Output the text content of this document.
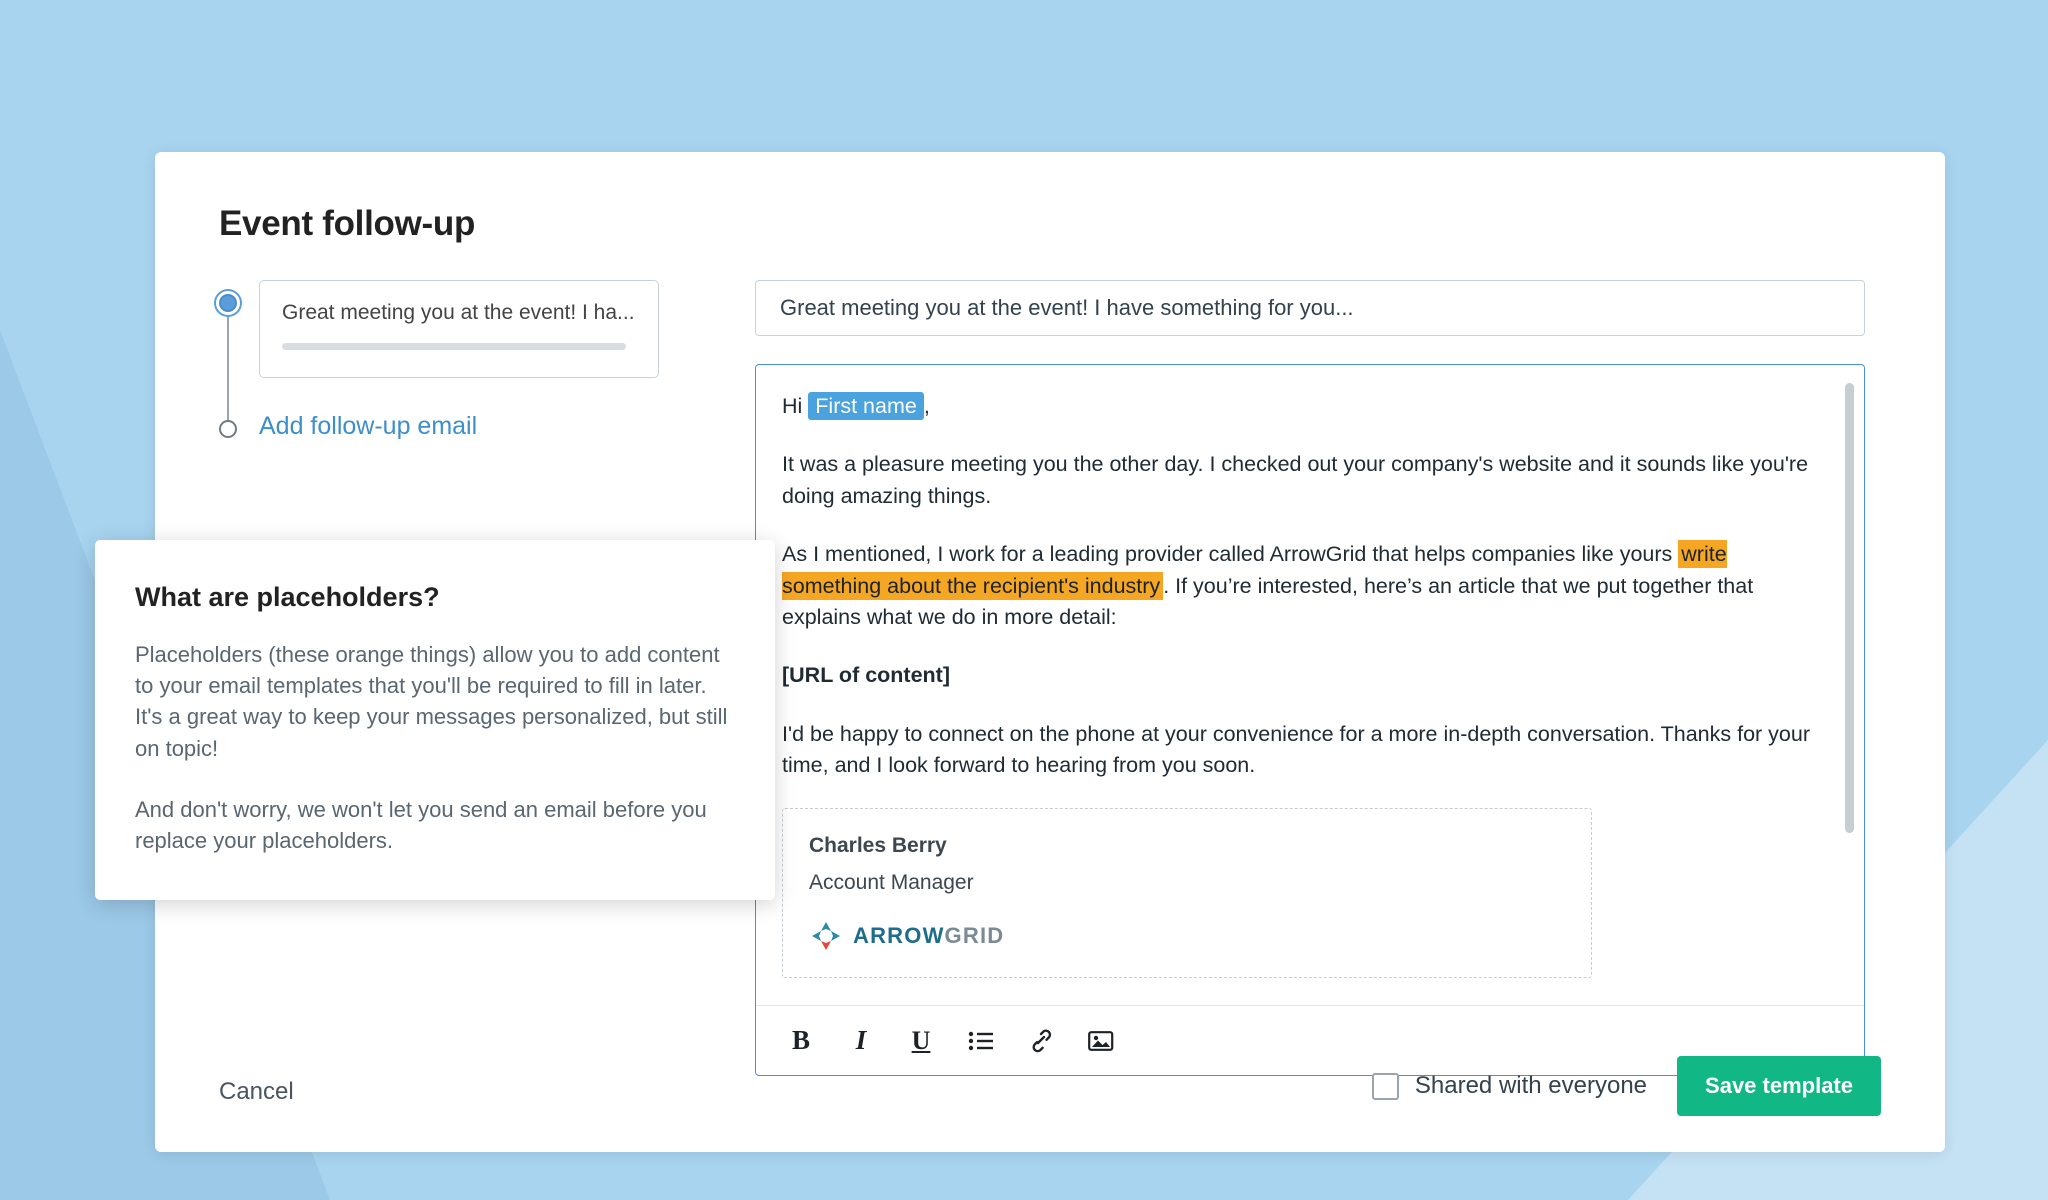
Event follow-up
Great meeting you at the event! I ha...
Add follow-up email
Great meeting you at the event! I have something for you...

Hi First name ,

It was a pleasure meeting you the other day. I checked out your company's website and it sounds like you're doing amazing things.

As I mentioned, I work for a leading provider called ArrowGrid that helps companies like yours write something about the recipient's industry . If you’re interested, here’s an article that we put together that explains what we do in more detail:

[URL of content]

I'd be happy to connect on the phone at your convenience for a more in-depth conversation. Thanks for your time, and I look forward to hearing from you soon.

Charles Berry
Account Manager
ARROWGRID
B	I	U
Cancel	Shared with everyone	Save template
What are placeholders?

Placeholders (these orange things) allow you to add content to your email templates that you'll be required to fill in later. It's a great way to keep your messages personalized, but still on topic!

And don't worry, we won't let you send an email before you replace your placeholders.
